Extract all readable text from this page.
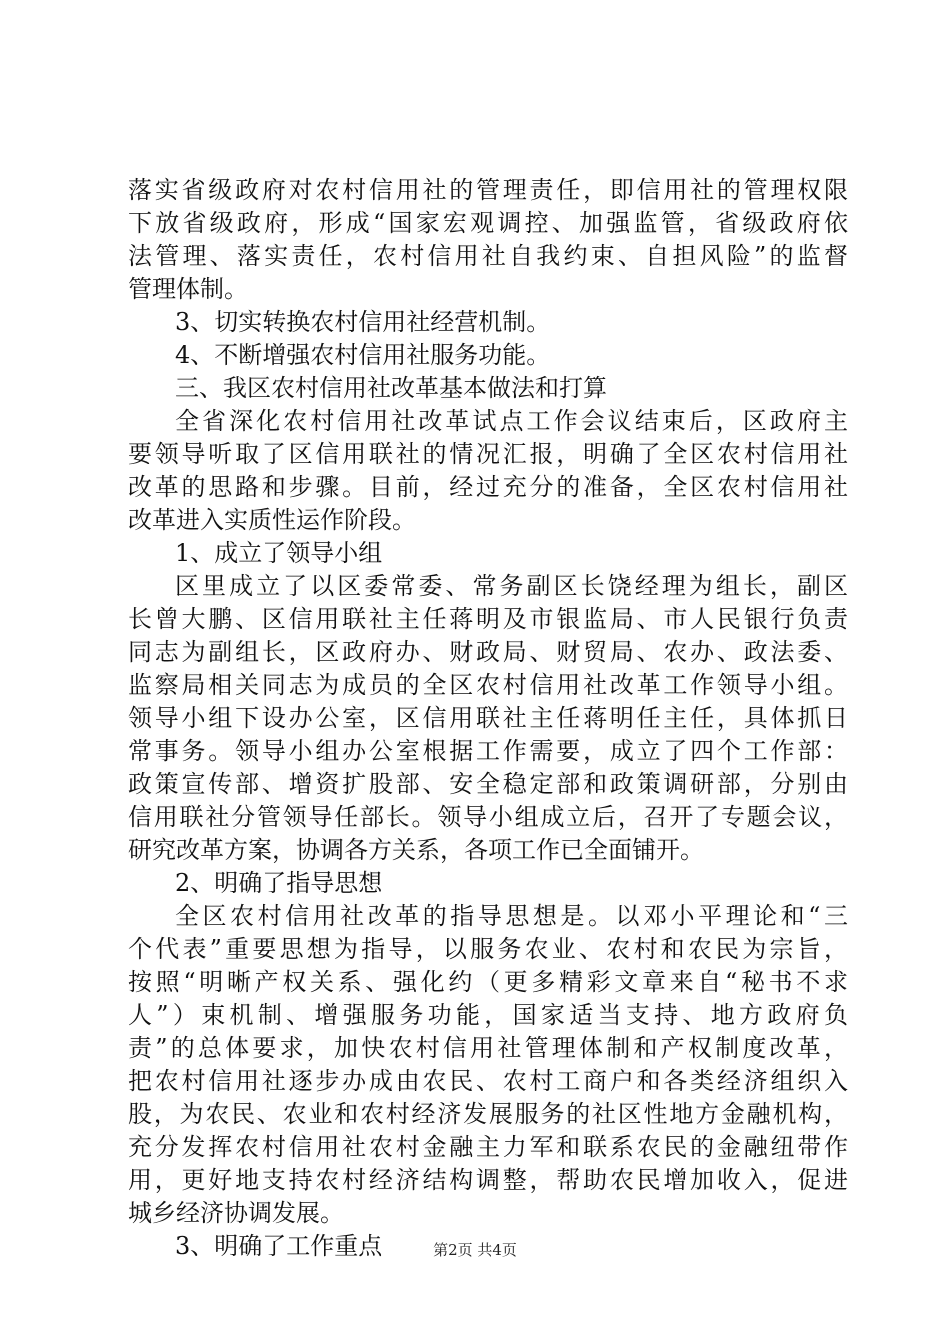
落实省级政府对农村信用社的管理责任，即信用社的管理权限
下放省级政府，形成“国家宏观调控、加强监管，省级政府依
法管理、落实责任，农村信用社自我约束、自担风险”的监督
管理体制。
3、切实转换农村信用社经营机制。
4、不断增强农村信用社服务功能。
三、我区农村信用社改革基本做法和打算
全省深化农村信用社改革试点工作会议结束后，区政府主
要领导听取了区信用联社的情况汇报，明确了全区农村信用社
改革的思路和步骤。目前，经过充分的准备，全区农村信用社
改革进入实质性运作阶段。
1、成立了领导小组
区里成立了以区委常委、常务副区长饶经理为组长，副区
长曾大鹏、区信用联社主任蒋明及市银监局、市人民银行负责
同志为副组长，区政府办、财政局、财贸局、农办、政法委、
监察局相关同志为成员的全区农村信用社改革工作领导小组。
领导小组下设办公室，区信用联社主任蒋明任主任，具体抓日
常事务。领导小组办公室根据工作需要，成立了四个工作部：
政策宣传部、增资扩股部、安全稳定部和政策调研部，分别由
信用联社分管领导任部长。领导小组成立后，召开了专题会议，
研究改革方案，协调各方关系，各项工作已全面铺开。
2、明确了指导思想
全区农村信用社改革的指导思想是。以邓小平理论和“三
个代表”重要思想为指导，以服务农业、农村和农民为宗旨，
按照“明晰产权关系、强化约（更多精彩文章来自“秘书不求
人”）束机制、增强服务功能，国家适当支持、地方政府负
责”的总体要求，加快农村信用社管理体制和产权制度改革，
把农村信用社逐步办成由农民、农村工商户和各类经济组织入
股，为农民、农业和农村经济发展服务的社区性地方金融机构，
充分发挥农村信用社农村金融主力军和联系农民的金融纽带作
用，更好地支持农村经济结构调整，帮助农民增加收入，促进
城乡经济协调发展。
3、明确了工作重点	第2页 共4页
